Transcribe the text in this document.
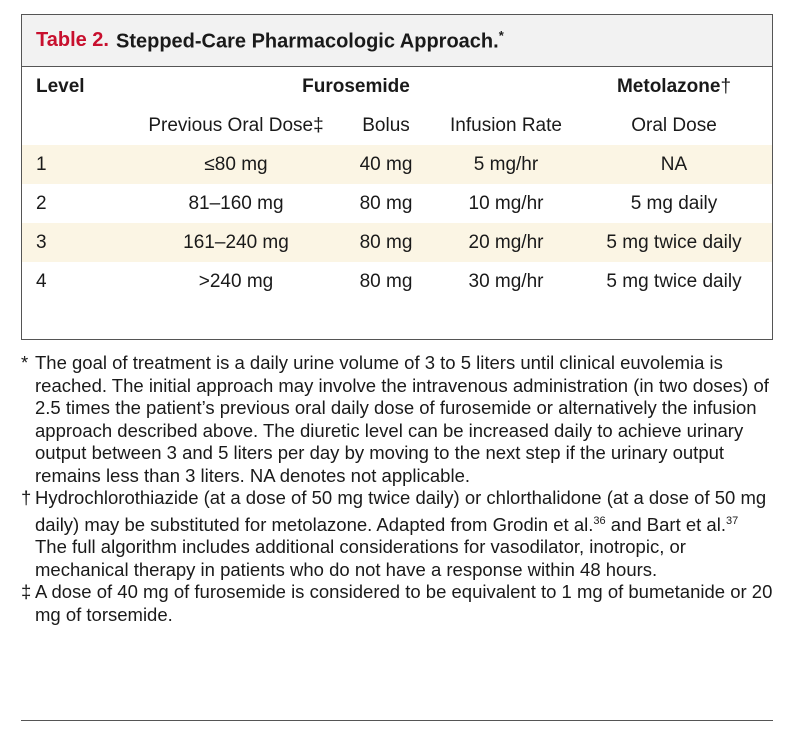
Table 2. Stepped-Care Pharmacologic Approach.*
Level	Furosemide			Metolazone†
	Previous Oral Dose‡	Bolus	Infusion Rate	Oral Dose
1	≤80 mg	40 mg	5 mg/hr	NA
2	81–160 mg	80 mg	10 mg/hr	5 mg daily
3	161–240 mg	80 mg	20 mg/hr	5 mg twice daily
4	>240 mg	80 mg	30 mg/hr	5 mg twice daily
* The goal of treatment is a daily urine volume of 3 to 5 liters until clinical euvolemia is reached. The initial approach may involve the intravenous administration (in two doses) of 2.5 times the patient’s previous oral daily dose of furosemide or alternatively the infusion approach described above. The diuretic level can be increased daily to achieve urinary output between 3 and 5 liters per day by moving to the next step if the urinary output remains less than 3 liters. NA denotes not applicable.
† Hydrochlorothiazide (at a dose of 50 mg twice daily) or chlorthalidone (at a dose of 50 mg daily) may be substituted for metolazone. Adapted from Grodin et al.$^{36}$ and Bart et al.$^{37}$ The full algorithm includes additional considerations for vasodilator, inotropic, or mechanical therapy in patients who do not have a response within 48 hours.
‡ A dose of 40 mg of furosemide is considered to be equivalent to 1 mg of bumetanide or 20 mg of torsemide.
